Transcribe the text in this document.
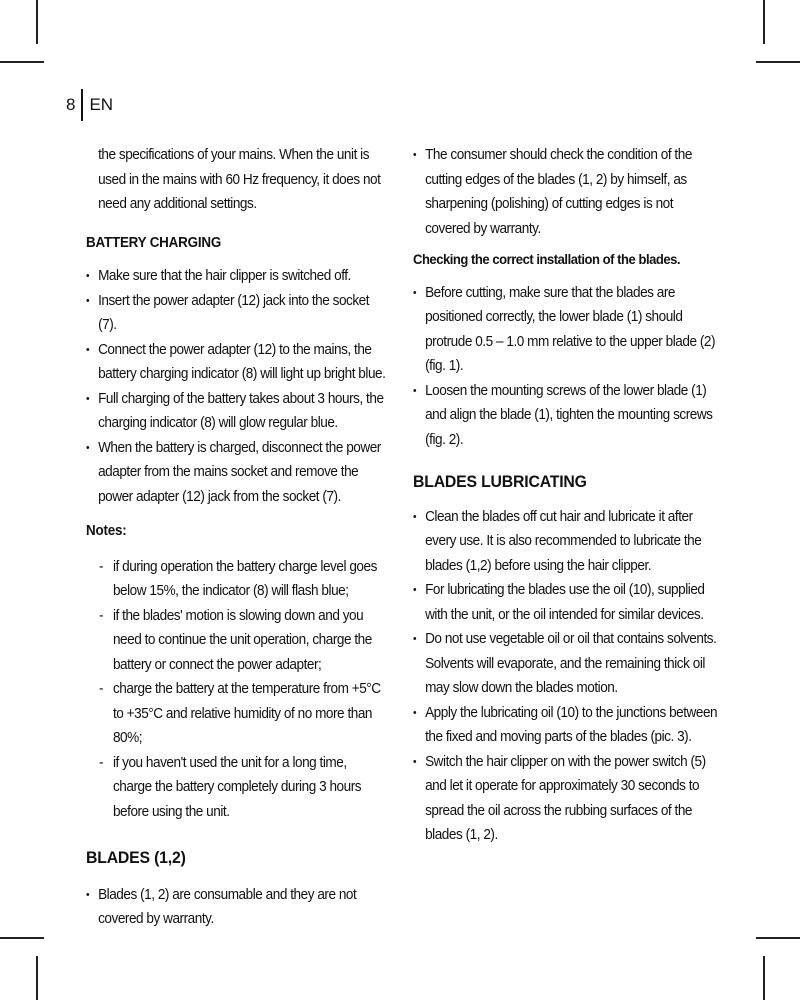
8 EN

the specifications of your mains. When the unit is used in the mains with 60 Hz frequency, it does not need any additional settings.

BATTERY CHARGING
• Make sure that the hair clipper is switched off.
• Insert the power adapter (12) jack into the socket (7).
• Connect the power adapter (12) to the mains, the battery charging indicator (8) will light up bright blue.
• Full charging of the battery takes about 3 hours, the charging indicator (8) will glow regular blue.
• When the battery is charged, disconnect the power adapter from the mains socket and remove the power adapter (12) jack from the socket (7).
Notes:
- if during operation the battery charge level goes below 15%, the indicator (8) will flash blue;
- if the blades' motion is slowing down and you need to continue the unit operation, charge the battery or connect the power adapter;
- charge the battery at the temperature from +5°C to +35°C and relative humidity of no more than 80%;
- if you haven't used the unit for a long time, charge the battery completely during 3 hours before using the unit.
BLADES (1,2)
• Blades (1, 2) are consumable and they are not covered by warranty.
• The consumer should check the condition of the cutting edges of the blades (1, 2) by himself, as sharpening (polishing) of cutting edges is not covered by warranty.

Checking the correct installation of the blades.

• Before cutting, make sure that the blades are positioned correctly, the lower blade (1) should protrude 0.5 – 1.0 mm relative to the upper blade (2) (fig. 1).
• Loosen the mounting screws of the lower blade (1) and align the blade (1), tighten the mounting screws (fig. 2).
BLADES LUBRICATING
• Clean the blades off cut hair and lubricate it after every use. It is also recommended to lubricate the blades (1,2) before using the hair clipper.
• For lubricating the blades use the oil (10), supplied with the unit, or the oil intended for similar devices.
• Do not use vegetable oil or oil that contains solvents. Solvents will evaporate, and the remaining thick oil may slow down the blades motion.
• Apply the lubricating oil (10) to the junctions between the fixed and moving parts of the blades (pic. 3).
• Switch the hair clipper on with the power switch (5) and let it operate for approximately 30 seconds to spread the oil across the rubbing surfaces of the blades (1, 2).
